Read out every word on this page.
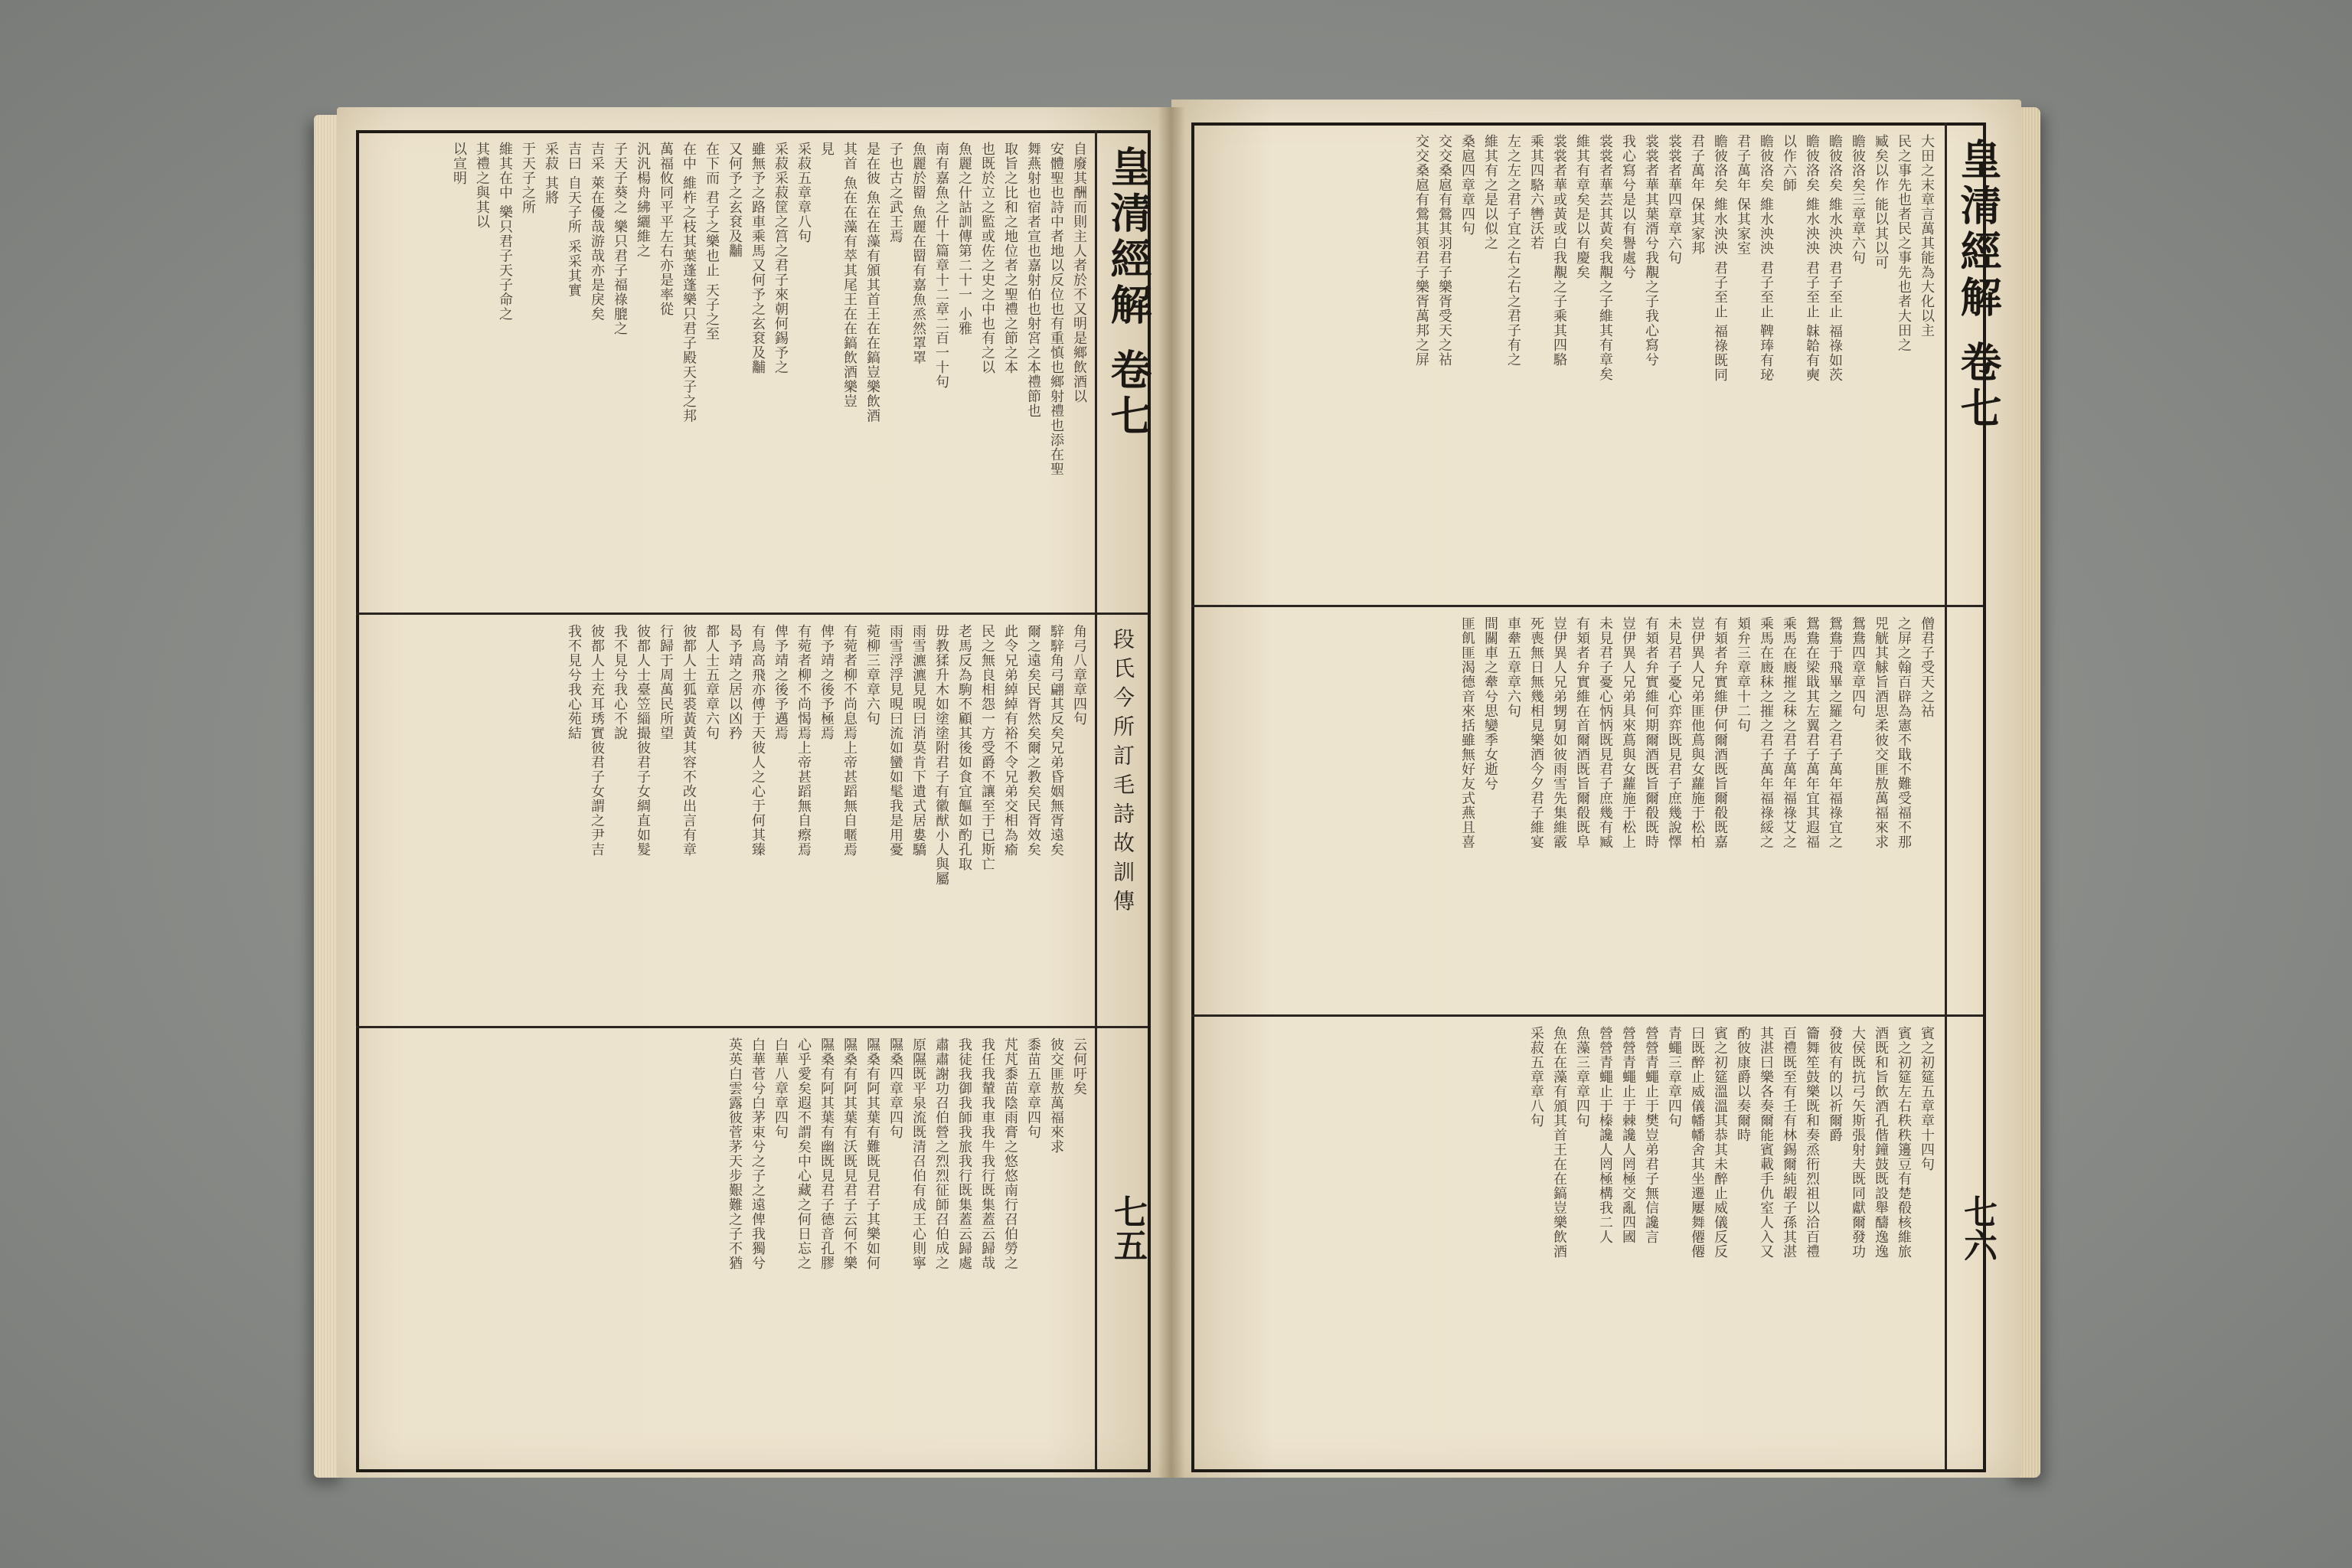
皇清經解 卷七
段氏今所訂毛詩故訓傳
七五
自廢其酬而則主人者於不又明是鄉飲酒以
安體聖也詩中者地以反位也有重慎也鄉射禮也添在聖
舞燕射也宿者宣也嘉射伯也射宮之本禮節也
取旨之比和之地位者之聖禮之節之本
也既於立之監或佐之史之中也有之以
魚麗之什詁訓傳第二十一 小雅
南有嘉魚之什十篇章十二章二百一十句
魚麗於罶 魚麗在罶有嘉魚烝然罩罩
子也古之武王焉
是在彼 魚在在藻有頒其首王在在鎬豈樂飲酒
其首 魚在在藻有萃其尾王在在鎬飲酒樂豈
見
采菽五章章八句
采菽采菽筐之筥之君子來朝何錫予之
雖無予之路車乘馬又何予之玄袞及黼
又何予之玄袞及黼
在下而 君子之樂也止 天子之至
在中 維柞之枝其葉蓬蓬樂只君子殿天子之邦
萬福攸同平平左右亦是率從
汎汎楊舟紼纚維之
子天子葵之 樂只君子福祿膍之
吉采 萊在優哉游哉亦是戾矣
吉曰 自天子所 采采其實
采菽 其將
于天子之所
維其在中 樂只君子天子命之
其禮之與其以
以宣明
角弓八章章四句
騂騂角弓翩其反矣兄弟昏姻無胥遠矣
爾之遠矣民胥然矣爾之教矣民胥效矣
此令兄弟綽綽有裕不令兄弟交相為瘉
民之無良相怨一方受爵不讓至于已斯亡
老馬反為駒不顧其後如食宜饇如酌孔取
毋教猱升木如塗塗附君子有徽猷小人與屬
雨雪瀌瀌見晛曰消莫肯下遺式居婁驕
雨雪浮浮見晛曰流如蠻如髦我是用憂
菀柳三章章六句
有菀者柳不尚息焉上帝甚蹈無自暱焉
俾予靖之後予極焉
有菀者柳不尚愒焉上帝甚蹈無自瘵焉
俾予靖之後予邁焉
有鳥高飛亦傅于天彼人之心于何其臻
曷予靖之居以凶矜
都人士五章章六句
彼都人士狐裘黃黃其容不改出言有章
行歸于周萬民所望
彼都人士臺笠緇撮彼君子女綢直如髮
我不見兮我心不說
彼都人士充耳琇實彼君子女謂之尹吉
我不見兮我心苑結
云何吁矣
彼交匪敖萬福來求
黍苗五章章四句
芃芃黍苗陰雨膏之悠悠南行召伯勞之
我任我輦我車我牛我行既集蓋云歸哉
我徒我御我師我旅我行既集蓋云歸處
肅肅謝功召伯營之烈烈征師召伯成之
原隰既平泉流既清召伯有成王心則寧
隰桑四章章四句
隰桑有阿其葉有難既見君子其樂如何
隰桑有阿其葉有沃既見君子云何不樂
隰桑有阿其葉有幽既見君子德音孔膠
心乎愛矣遐不謂矣中心藏之何日忘之
白華八章章四句
白華菅兮白茅束兮之子之遠俾我獨兮
英英白雲露彼菅茅天步艱難之子不猶
皇清經解 卷七
七六
大田之末章言萬其能為大化以主
民之事先也者民之事先也者大田之
臧矣以作 能以其以可
瞻彼洛矣三章章六句
瞻彼洛矣 維水泱泱 君子至止 福祿如茨
瞻彼洛矣 維水泱泱 君子至止 韎韐有奭
以作六師
瞻彼洛矣 維水泱泱 君子至止 鞞琫有珌
君子萬年 保其家室
瞻彼洛矣 維水泱泱 君子至止 福祿既同
君子萬年 保其家邦
裳裳者華四章章六句
裳裳者華其葉湑兮我覯之子我心寫兮
我心寫兮是以有譽處兮
裳裳者華芸其黃矣我覯之子維其有章矣
維其有章矣是以有慶矣
裳裳者華或黃或白我覯之子乘其四駱
乘其四駱六轡沃若
左之左之君子宜之右之右之君子有之
維其有之是以似之
桑扈四章章四句
交交桑扈有鶯其羽君子樂胥受天之祜
交交桑扈有鶯其領君子樂胥萬邦之屏
僧君子受天之祜
之屏之翰百辟為憲不戢不難受福不那
兕觥其觩旨酒思柔彼交匪敖萬福來求
鴛鴦四章章四句
鴛鴦于飛畢之羅之君子萬年福祿宜之
鴛鴦在梁戢其左翼君子萬年宜其遐福
乘馬在廄摧之秣之君子萬年福祿艾之
乘馬在廄秣之摧之君子萬年福祿綏之
頍弁三章章十二句
有頍者弁實維伊何爾酒既旨爾殽既嘉
豈伊異人兄弟匪他蔦與女蘿施于松柏
未見君子憂心弈弈既見君子庶幾說懌
有頍者弁實維何期爾酒既旨爾殽既時
豈伊異人兄弟具來蔦與女蘿施于松上
未見君子憂心怲怲既見君子庶幾有臧
有頍者弁實維在首爾酒既旨爾殽既阜
豈伊異人兄弟甥舅如彼雨雪先集維霰
死喪無日無幾相見樂酒今夕君子維宴
車舝五章章六句
間關車之舝兮思孌季女逝兮
匪飢匪渴德音來括雖無好友式燕且喜
賓之初筵五章章十四句
賓之初筵左右秩秩籩豆有楚殽核維旅
酒既和旨飲酒孔偕鐘鼓既設舉醻逸逸
大侯既抗弓矢斯張射夫既同獻爾發功
發彼有的以祈爾爵
籥舞笙鼓樂既和奏烝衎烈祖以洽百禮
百禮既至有壬有林錫爾純嘏子孫其湛
其湛曰樂各奏爾能賓載手仇室人入又
酌彼康爵以奏爾時
賓之初筵溫溫其恭其未醉止威儀反反
曰既醉止威儀幡幡舍其坐遷屢舞僊僊
青蠅三章章四句
營營青蠅止于樊豈弟君子無信讒言
營營青蠅止于棘讒人罔極交亂四國
營營青蠅止于榛讒人罔極構我二人
魚藻三章章四句
魚在在藻有頒其首王在在鎬豈樂飲酒
采菽五章章八句
